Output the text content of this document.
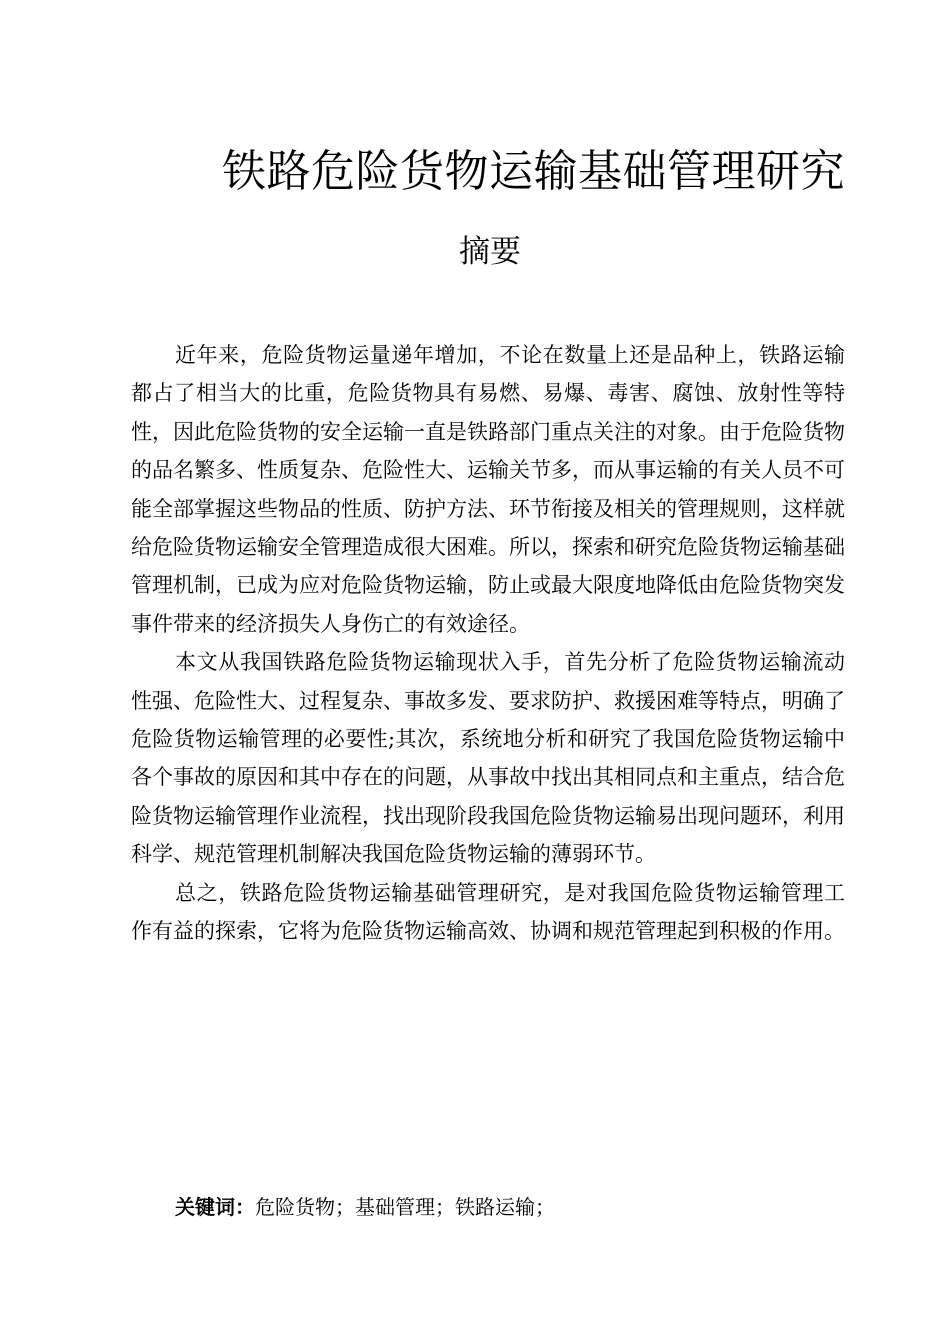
铁路危险货物运输基础管理研究
摘要

近年来，危险货物运量递年增加，不论在数量上还是品种上，铁路运输都占了相当大的比重，危险货物具有易燃、易爆、毒害、腐蚀、放射性等特性，因此危险货物的安全运输一直是铁路部门重点关注的对象。由于危险货物的品名繁多、性质复杂、危险性大、运输关节多，而从事运输的有关人员不可能全部掌握这些物品的性质、防护方法、环节衔接及相关的管理规则，这样就给危险货物运输安全管理造成很大困难。所以，探索和研究危险货物运输基础管理机制，已成为应对危险货物运输，防止或最大限度地降低由危险货物突发事件带来的经济损失人身伤亡的有效途径。

本文从我国铁路危险货物运输现状入手，首先分析了危险货物运输流动性强、危险性大、过程复杂、事故多发、要求防护、救援困难等特点，明确了危险货物运输管理的必要性;其次，系统地分析和研究了我国危险货物运输中各个事故的原因和其中存在的问题，从事故中找出其相同点和主重点，结合危险货物运输管理作业流程，找出现阶段我国危险货物运输易出现问题环，利用科学、规范管理机制解决我国危险货物运输的薄弱环节。

总之，铁路危险货物运输基础管理研究，是对我国危险货物运输管理工作有益的探索，它将为危险货物运输高效、协调和规范管理起到积极的作用。

关键词：危险货物；基础管理；铁路运输；
